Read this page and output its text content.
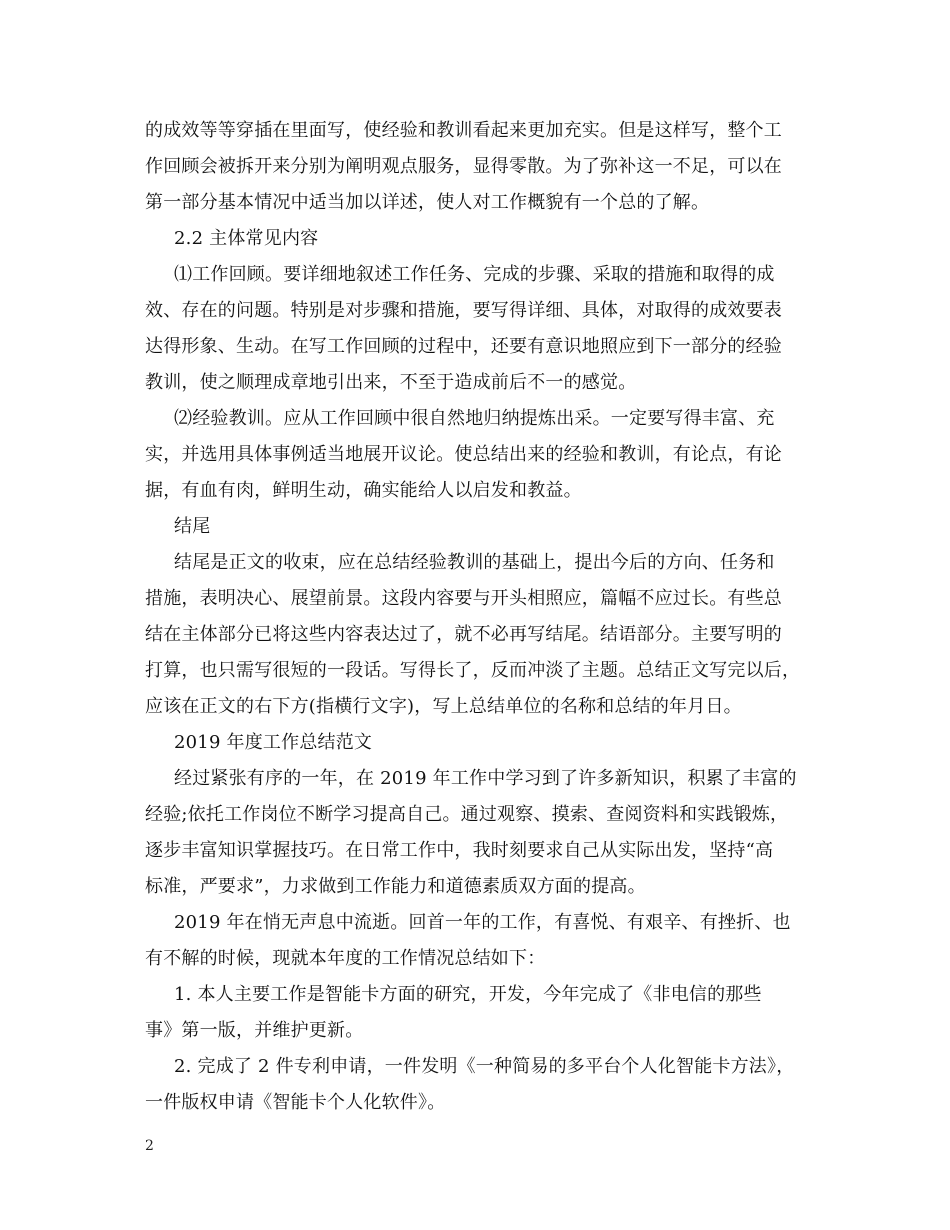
的成效等等穿插在里面写，使经验和教训看起来更加充实。但是这样写，整个工
作回顾会被拆开来分别为阐明观点服务，显得零散。为了弥补这一不足，可以在
第一部分基本情况中适当加以详述，使人对工作概貌有一个总的了解。
2.2 主体常见内容
⑴工作回顾。要详细地叙述工作任务、完成的步骤、采取的措施和取得的成
效、存在的问题。特别是对步骤和措施，要写得详细、具体，对取得的成效要表
达得形象、生动。在写工作回顾的过程中，还要有意识地照应到下一部分的经验
教训，使之顺理成章地引出来，不至于造成前后不一的感觉。
⑵经验教训。应从工作回顾中很自然地归纳提炼出采。一定要写得丰富、充
实，并选用具体事例适当地展开议论。使总结出来的经验和教训，有论点，有论
据，有血有肉，鲜明生动，确实能给人以启发和教益。
结尾
结尾是正文的收束，应在总结经验教训的基础上，提出今后的方向、任务和
措施，表明决心、展望前景。这段内容要与开头相照应，篇幅不应过长。有些总
结在主体部分已将这些内容表达过了，就不必再写结尾。结语部分。主要写明的
打算，也只需写很短的一段话。写得长了，反而冲淡了主题。总结正文写完以后，
应该在正文的右下方(指横行文字)，写上总结单位的名称和总结的年月日。
2019 年度工作总结范文
经过紧张有序的一年，在 2019 年工作中学习到了许多新知识，积累了丰富的
经验;依托工作岗位不断学习提高自己。通过观察、摸索、查阅资料和实践锻炼，
逐步丰富知识掌握技巧。在日常工作中，我时刻要求自己从实际出发，坚持“高
标准，严要求”，力求做到工作能力和道德素质双方面的提高。
2019 年在悄无声息中流逝。回首一年的工作，有喜悦、有艰辛、有挫折、也
有不解的时候，现就本年度的工作情况总结如下：
1. 本人主要工作是智能卡方面的研究，开发，今年完成了《非电信的那些
事》第一版，并维护更新。
2. 完成了 2 件专利申请，一件发明《一种简易的多平台个人化智能卡方法》，
一件版权申请《智能卡个人化软件》。
2
